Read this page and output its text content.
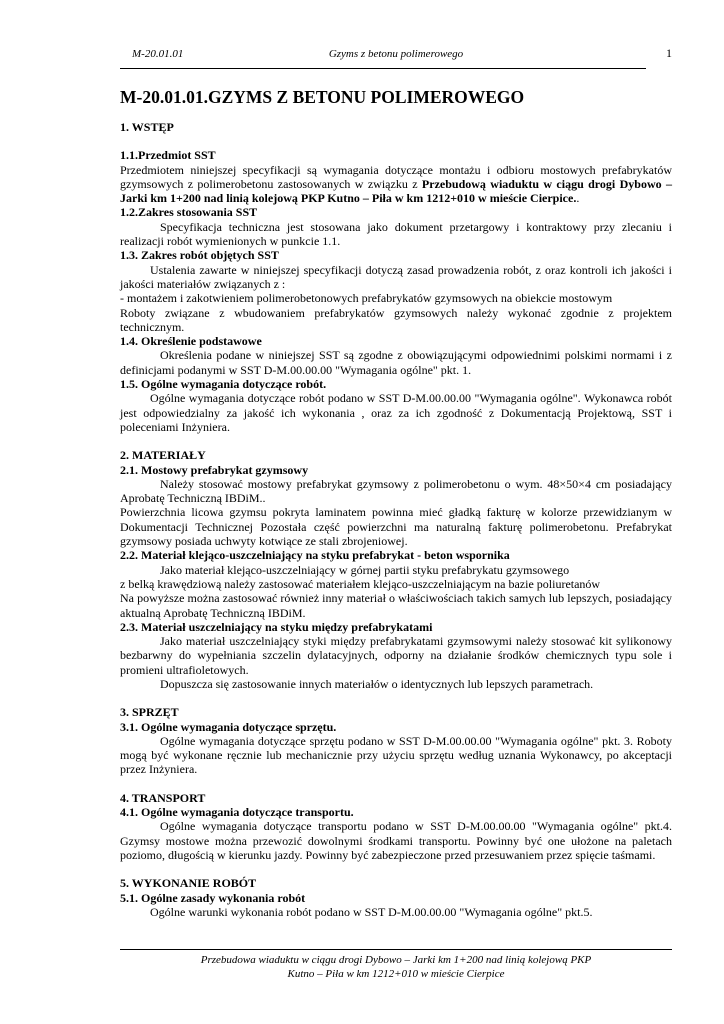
M-20.01.01	Gzyms z betonu polimerowego	1
M-20.01.01.GZYMS Z BETONU POLIMEROWEGO

1. WSTĘP

1.1.Przedmiot SST

Przedmiotem niniejszej specyfikacji są wymagania dotyczące montażu i odbioru mostowych prefabrykatów gzymsowych z polimerobetonu zastosowanych w związku z Przebudową wiaduktu w ciągu drogi Dybowo – Jarki km 1+200 nad linią kolejową PKP Kutno – Piła w km 1212+010 w mieście Cierpice..

1.2.Zakres stosowania SST

Specyfikacja techniczna jest stosowana jako dokument przetargowy i kontraktowy przy zlecaniu i realizacji robót wymienionych w punkcie 1.1.

1.3. Zakres robót objętych SST

Ustalenia zawarte w niniejszej specyfikacji dotyczą zasad prowadzenia robót, z oraz kontroli ich jakości i jakości materiałów związanych z :

- montażem i zakotwieniem polimerobetonowych prefabrykatów gzymsowych na obiekcie mostowym

Roboty związane z wbudowaniem prefabrykatów gzymsowych należy wykonać zgodnie z projektem technicznym.

1.4. Określenie podstawowe

Określenia podane w niniejszej SST są zgodne z obowiązującymi odpowiednimi polskimi normami i z definicjami podanymi w SST D-M.00.00.00 "Wymagania ogólne" pkt. 1.

1.5. Ogólne wymagania dotyczące robót.

Ogólne wymagania dotyczące robót podano w SST D-M.00.00.00 "Wymagania ogólne". Wykonawca robót jest odpowiedzialny za jakość ich wykonania , oraz za ich zgodność z Dokumentacją Projektową, SST i poleceniami Inżyniera.

2. MATERIAŁY

2.1. Mostowy prefabrykat gzymsowy

Należy stosować mostowy prefabrykat gzymsowy z polimerobetonu o wym. 48×50×4 cm posiadający Aprobatę Techniczną IBDiM..

Powierzchnia licowa gzymsu pokryta laminatem powinna mieć gładką fakturę w kolorze przewidzianym w Dokumentacji Technicznej Pozostała część powierzchni ma naturalną fakturę polimerobetonu. Prefabrykat gzymsowy posiada uchwyty kotwiące ze stali zbrojeniowej.

2.2. Materiał klejąco-uszczelniający na styku prefabrykat - beton wspornika

Jako materiał klejąco-uszczelniający w górnej partii styku prefabrykatu gzymsowego

z belką krawędziową należy zastosować materiałem klejąco-uszczelniającym na bazie poliuretanów

Na powyższe można zastosować również inny materiał o właściwościach takich samych lub lepszych, posiadający aktualną Aprobatę Techniczną IBDiM.

2.3. Materiał uszczelniający na styku między prefabrykatami

Jako materiał uszczelniający styki między prefabrykatami gzymsowymi należy stosować kit sylikonowy bezbarwny do wypełniania szczelin dylatacyjnych, odporny na działanie środków chemicznych typu sole i promieni ultrafioletowych.

Dopuszcza się zastosowanie innych materiałów o identycznych lub lepszych parametrach.

3. SPRZĘT

3.1. Ogólne wymagania dotyczące sprzętu.

Ogólne wymagania dotyczące sprzętu podano w SST D-M.00.00.00 "Wymagania ogólne" pkt. 3. Roboty mogą być wykonane ręcznie lub mechanicznie przy użyciu sprzętu według uznania Wykonawcy, po akceptacji przez Inżyniera.

4. TRANSPORT

4.1. Ogólne wymagania dotyczące transportu.

Ogólne wymagania dotyczące transportu podano w SST D-M.00.00.00 "Wymagania ogólne" pkt.4. Gzymsy mostowe można przewozić dowolnymi środkami transportu. Powinny być one ułożone na paletach poziomo, długością w kierunku jazdy. Powinny być zabezpieczone przed przesuwaniem przez spięcie taśmami.

5. WYKONANIE ROBÓT

5.1. Ogólne zasady wykonania robót

Ogólne warunki wykonania robót podano w SST D-M.00.00.00 "Wymagania ogólne" pkt.5.

Przebudowa wiaduktu w ciągu drogi Dybowo – Jarki km 1+200 nad linią kolejową PKP
Kutno – Piła w km 1212+010 w mieście Cierpice
